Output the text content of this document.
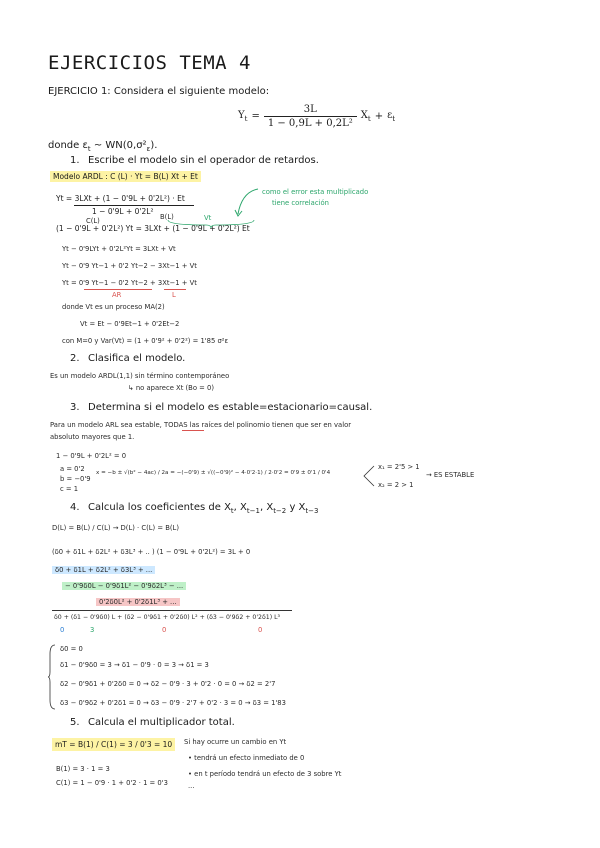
EJERCICIOS TEMA 4
EJERCICIO 1: Considera el siguiente modelo:
$Y_t = \frac{3L}{\text{1 − 0,9L + 0,2L²}} X_t + \varepsilon_t$
donde $\varepsilon_t$ ~ $WN(0,\sigma^2_\varepsilon)$.
1. Escribe el modelo sin el operador de retardos.
Modelo ARDL : C (L) · Yt = B(L) Xt + Et
Yt = 3LXt + (1 − 0'9L + 0'2L²) · Et
1 − 0'9L + 0'2L²
C(L)	B(L)	Vt
(1 − 0'9L + 0'2L²) Yt = 3LXt + (1 − 0'9L + 0'2L²) Et
como el error esta multiplicado
tiene correlación
Yt − 0'9LYt + 0'2L²Yt = 3LXt + Vt
Yt − 0'9 Yt−1 + 0'2 Yt−2 − 3Xt−1 + Vt
Yt = 0'9 Yt−1 − 0'2 Yt−2 + 3Xt−1 + Vt
AR	L
donde Vt es un proceso MA(2)
Vt = Et − 0'9Et−1 + 0'2Et−2
con M=0 y Var(Vt) = (1 + 0'9² + 0'2²) = 1'85 σ²ε
2. Clasifica el modelo.
Es un modelo ARDL(1,1) sin término contemporáneo
↳ no aparece Xt (Bo = 0)
3. Determina si el modelo es estable=estacionario=causal.
Para un modelo ARL sea estable, TODAS las raíces del polinomio tienen que ser en valor
absoluto mayores que 1.
1 − 0'9L + 0'2L² = 0
a = 0'2
b = −0'9
c = 1
x = −b ± √(b² − 4ac) / 2a = −(−0'9) ± √((−0'9)² − 4·0'2·1) / 2·0'2 = 0'9 ± 0'1 / 0'4
x₁ = 2'5 > 1
x₂ = 2 > 1
→ ES ESTABLE
4. Calcula los coeficientes de $X_t$, $X_{t-1}$, $X_{t-2}$ y $X_{t-3}$
D(L) = B(L) / C(L) → D(L) · C(L) = B(L)
(δ0 + δ1L + δ2L² + δ3L³ + .. ) (1 − 0'9L + 0'2L²) = 3L + 0
δ0 + δ1L + δ2L² + δ3L³ + ...
− 0'9δ0L − 0'9δ1L² − 0'9δ2L³ − ...
0'2δ0L² + 0'2δ1L³ + ...
δ0 + (δ1 − 0'9δ0) L + (δ2 − 0'9δ1 + 0'2δ0) L² + (δ3 − 0'9δ2 + 0'2δ1) L³
0	3	0	0
δ0 = 0
δ1 − 0'9δ0 = 3 → δ1 − 0'9 · 0 = 3 → δ1 = 3
δ2 − 0'9δ1 + 0'2δ0 = 0 → δ2 − 0'9 · 3 + 0'2 · 0 = 0 → δ2 = 2'7
δ3 − 0'9δ2 + 0'2δ1 = 0 → δ3 − 0'9 · 2'7 + 0'2 · 3 = 0 → δ3 = 1'83
5. Calcula el multiplicador total.
mT = B(1) / C(1) = 3 / 0'3 = 10	Si hay ocurre un cambio en Yt
• tendrá un efecto inmediato de 0
• en t período tendrá un efecto de 3 sobre Yt
...
B(1) = 3 · 1 = 3
C(1) = 1 − 0'9 · 1 + 0'2 · 1 = 0'3
